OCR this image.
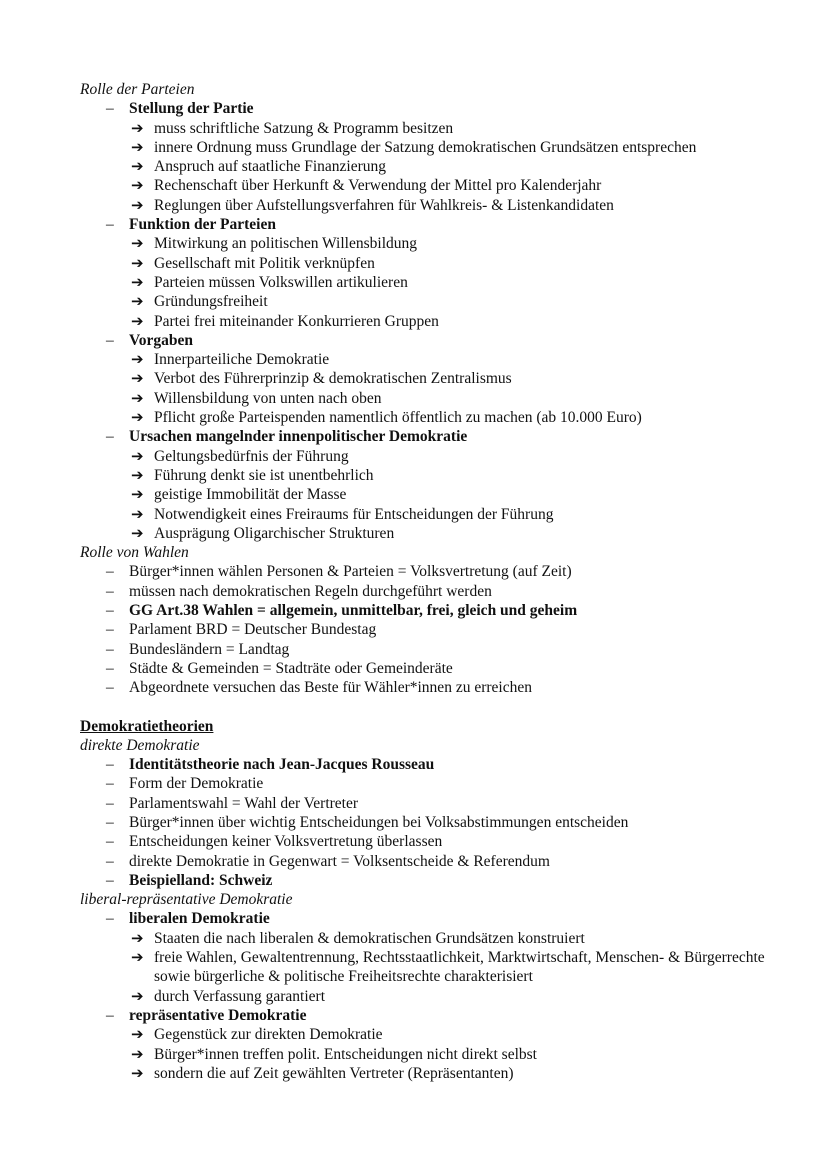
Rolle der Parteien
– Stellung der Partie
➔ muss schriftliche Satzung & Programm besitzen
➔ innere Ordnung muss Grundlage der Satzung demokratischen Grundsätzen entsprechen
➔ Anspruch auf staatliche Finanzierung
➔ Rechenschaft über Herkunft & Verwendung der Mittel pro Kalenderjahr
➔ Reglungen über Aufstellungsverfahren für Wahlkreis- & Listenkandidaten
– Funktion der Parteien
➔ Mitwirkung an politischen Willensbildung
➔ Gesellschaft mit Politik verknüpfen
➔ Parteien müssen Volkswillen artikulieren
➔ Gründungsfreiheit
➔ Partei frei miteinander Konkurrieren Gruppen
– Vorgaben
➔ Innerparteiliche Demokratie
➔ Verbot des Führerprinzip & demokratischen Zentralismus
➔ Willensbildung von unten nach oben
➔ Pflicht große Parteispenden namentlich öffentlich zu machen (ab 10.000 Euro)
– Ursachen mangelnder innenpolitischer Demokratie
➔ Geltungsbedürfnis der Führung
➔ Führung denkt sie ist unentbehrlich
➔ geistige Immobilität der Masse
➔ Notwendigkeit eines Freiraums für Entscheidungen der Führung
➔ Ausprägung Oligarchischer Strukturen
Rolle von Wahlen
– Bürger*innen wählen Personen & Parteien = Volksvertretung (auf Zeit)
– müssen nach demokratischen Regeln durchgeführt werden
– GG Art.38 Wahlen = allgemein, unmittelbar, frei, gleich und geheim
– Parlament BRD = Deutscher Bundestag
– Bundesländern = Landtag
– Städte & Gemeinden = Stadträte oder Gemeinderäte
– Abgeordnete versuchen das Beste für Wähler*innen zu erreichen
Demokratietheorien
direkte Demokratie
– Identitätstheorie nach Jean-Jacques Rousseau
– Form der Demokratie
– Parlamentswahl = Wahl der Vertreter
– Bürger*innen über wichtig Entscheidungen bei Volksabstimmungen entscheiden
– Entscheidungen keiner Volksvertretung überlassen
– direkte Demokratie in Gegenwart = Volksentscheide & Referendum
– Beispielland: Schweiz
liberal-repräsentative Demokratie
– liberalen Demokratie
➔ Staaten die nach liberalen & demokratischen Grundsätzen konstruiert
➔ freie Wahlen, Gewaltentrennung, Rechtsstaatlichkeit, Marktwirtschaft, Menschen- & Bürgerrechte sowie bürgerliche & politische Freiheitsrechte charakterisiert
➔ durch Verfassung garantiert
– repräsentative Demokratie
➔ Gegenstück zur direkten Demokratie
➔ Bürger*innen treffen polit. Entscheidungen nicht direkt selbst
➔ sondern die auf Zeit gewählten Vertreter (Repräsentanten)
